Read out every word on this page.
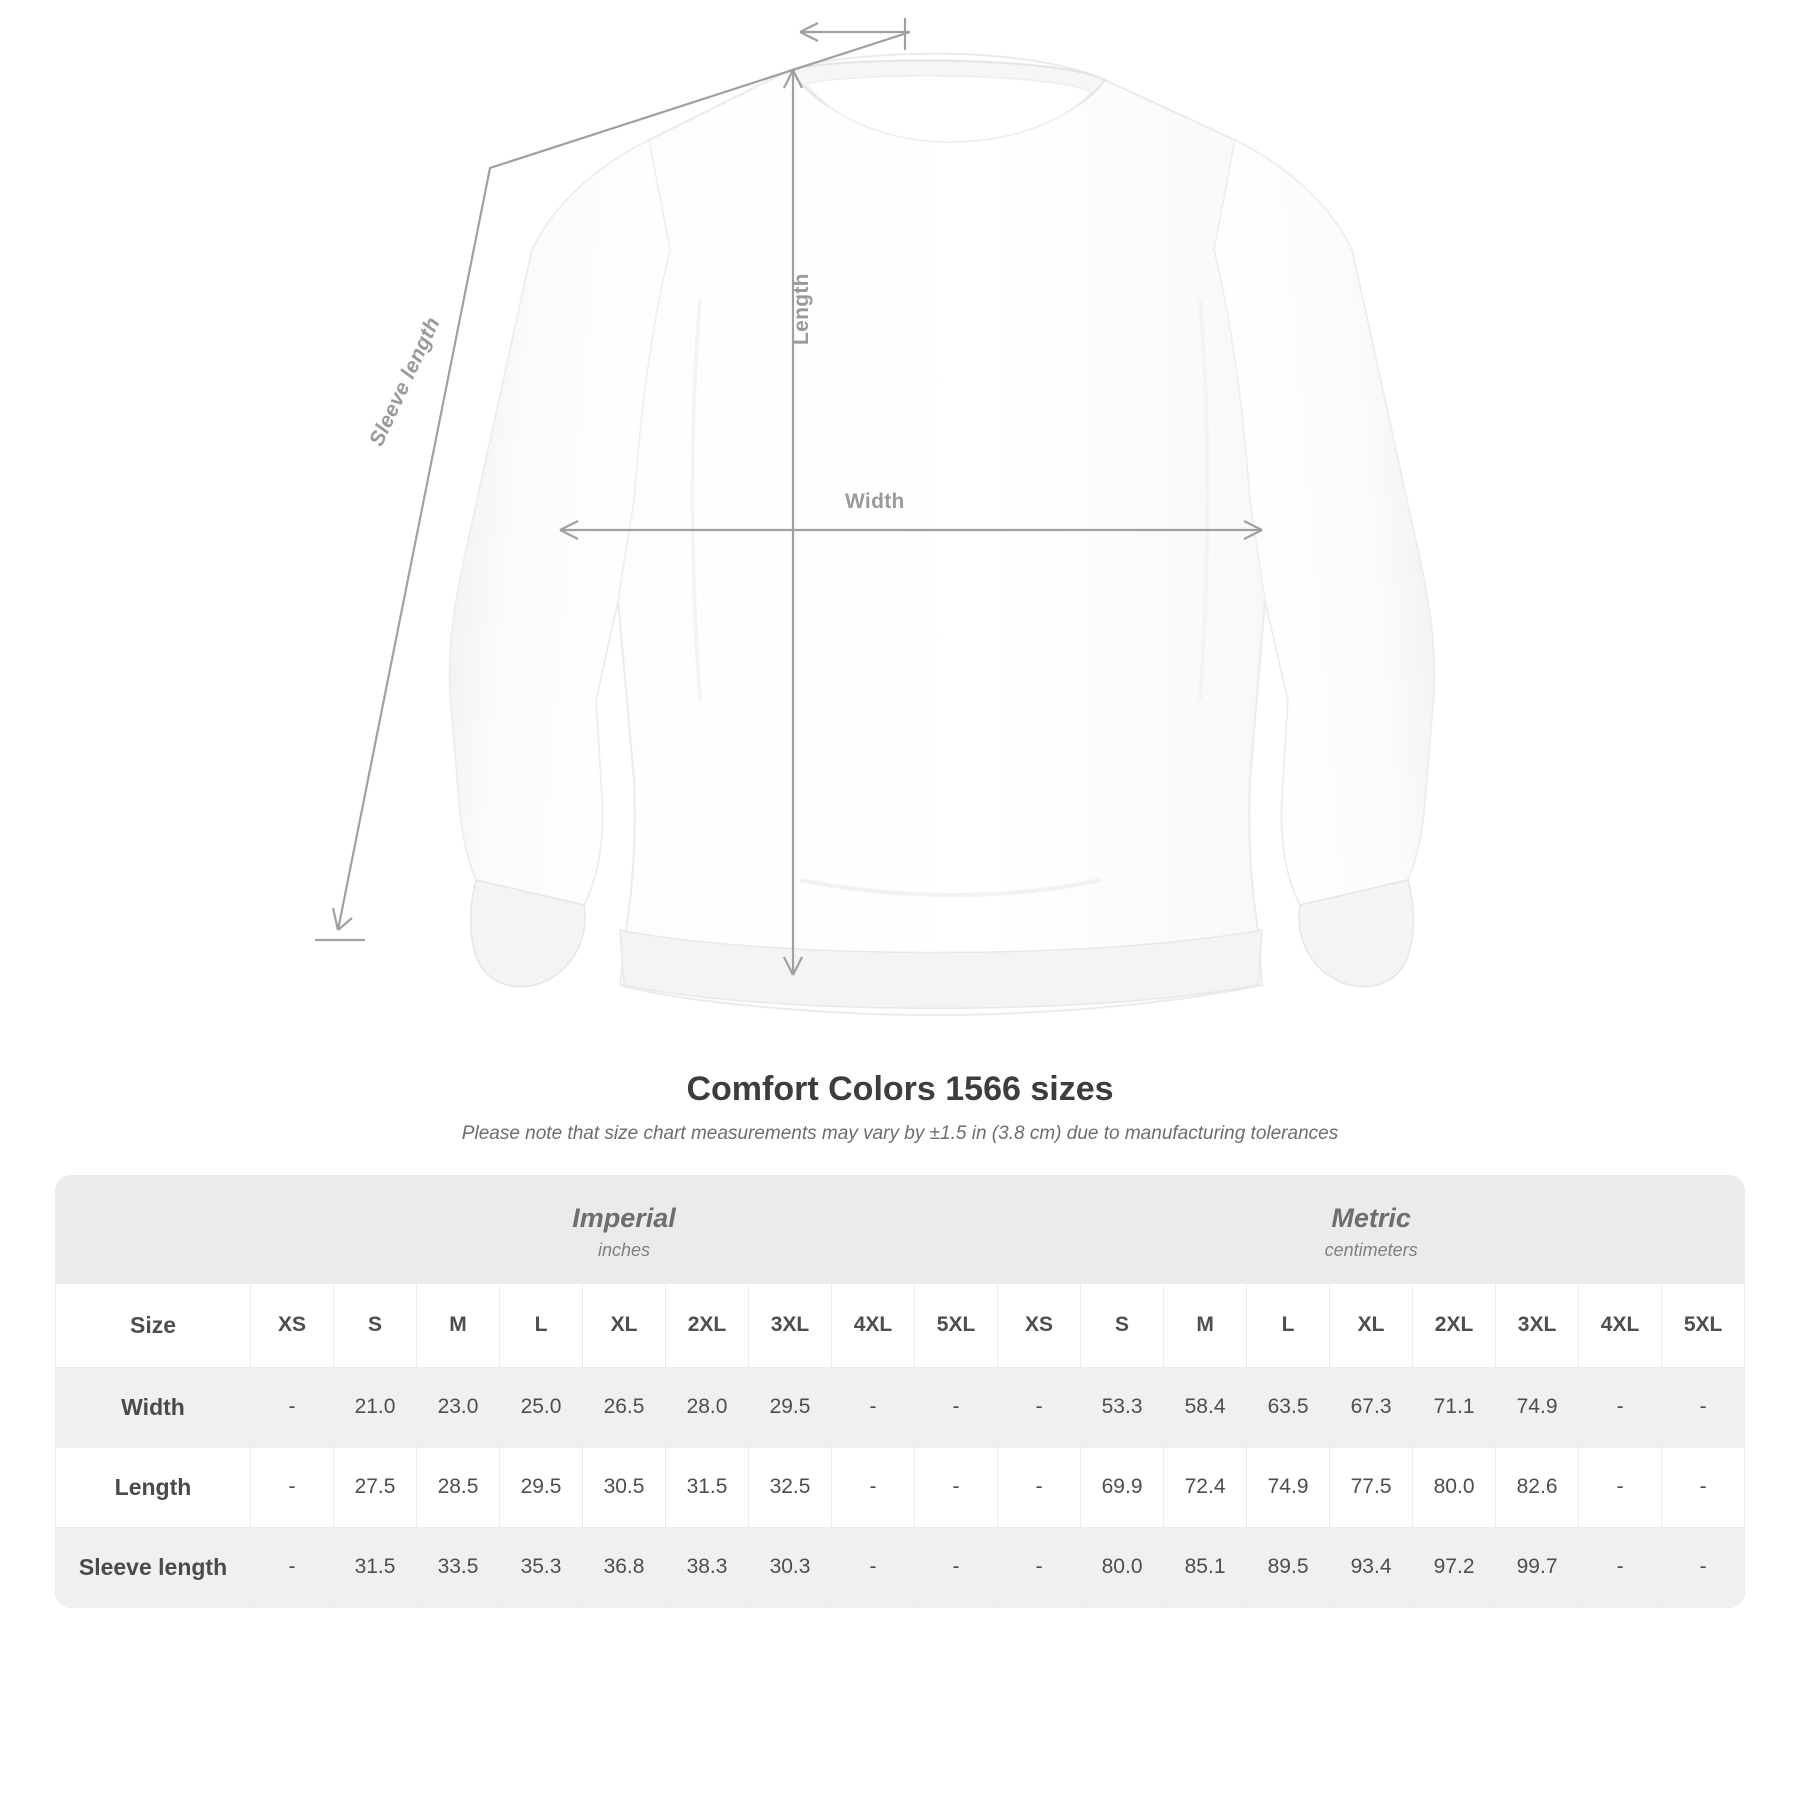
Width
Length
Sleeve length
Comfort Colors 1566 sizes

Please note that size chart measurements may vary by ±1.5 in (3.8 cm) due to manufacturing tolerances

	Imperial
inches									Metric
centimeters								

Size	XS	S	M	L	XL	2XL	3XL	4XL	5XL	XS	S	M	L	XL	2XL	3XL	4XL	5XL
Width	-	21.0	23.0	25.0	26.5	28.0	29.5	-	-	-	53.3	58.4	63.5	67.3	71.1	74.9	-	-
Length	-	27.5	28.5	29.5	30.5	31.5	32.5	-	-	-	69.9	72.4	74.9	77.5	80.0	82.6	-	-
Sleeve length	-	31.5	33.5	35.3	36.8	38.3	30.3	-	-	-	80.0	85.1	89.5	93.4	97.2	99.7	-	-
